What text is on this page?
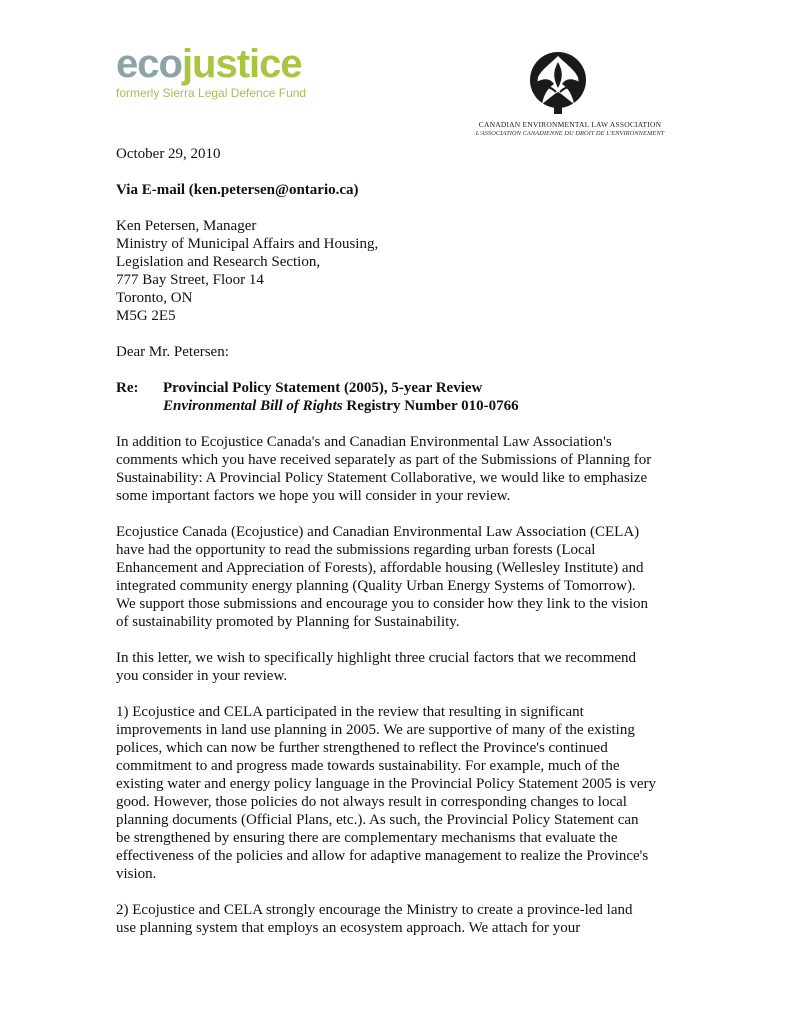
ecojustice
formerly Sierra Legal Defence Fund
CANADIAN ENVIRONMENTAL LAW ASSOCIATION
L'ASSOCIATION CANADIENNE DU DROIT DE L'ENVIRONNEMENT
October 29, 2010
Via E-mail (ken.petersen@ontario.ca)
Ken Petersen, Manager
Ministry of Municipal Affairs and Housing,
Legislation and Research Section,
777 Bay Street, Floor 14
Toronto, ON
M5G 2E5
Dear Mr. Petersen:
Re:	Provincial Policy Statement (2005), 5-year Review
Environmental Bill of Rights Registry Number 010-0766
In addition to Ecojustice Canada's and Canadian Environmental Law Association's
comments which you have received separately as part of the Submissions of Planning for
Sustainability: A Provincial Policy Statement Collaborative, we would like to emphasize
some important factors we hope you will consider in your review.
Ecojustice Canada (Ecojustice) and Canadian Environmental Law Association (CELA)
have had the opportunity to read the submissions regarding urban forests (Local
Enhancement and Appreciation of Forests), affordable housing (Wellesley Institute) and
integrated community energy planning (Quality Urban Energy Systems of Tomorrow).
We support those submissions and encourage you to consider how they link to the vision
of sustainability promoted by Planning for Sustainability.
In this letter, we wish to specifically highlight three crucial factors that we recommend
you consider in your review.
1) Ecojustice and CELA participated in the review that resulting in significant
improvements in land use planning in 2005. We are supportive of many of the existing
polices, which can now be further strengthened to reflect the Province's continued
commitment to and progress made towards sustainability. For example, much of the
existing water and energy policy language in the Provincial Policy Statement 2005 is very
good. However, those policies do not always result in corresponding changes to local
planning documents (Official Plans, etc.). As such, the Provincial Policy Statement can
be strengthened by ensuring there are complementary mechanisms that evaluate the
effectiveness of the policies and allow for adaptive management to realize the Province's
vision.
2) Ecojustice and CELA strongly encourage the Ministry to create a province-led land
use planning system that employs an ecosystem approach. We attach for your
